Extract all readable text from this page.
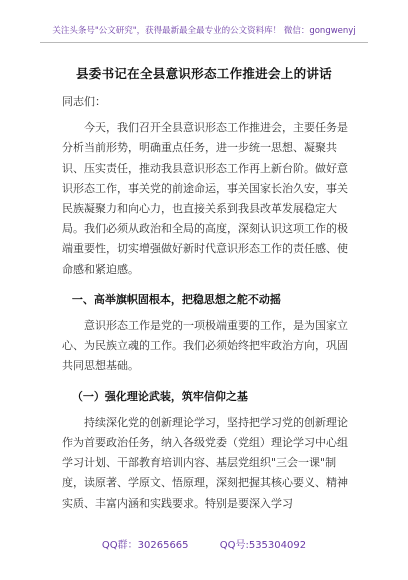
关注头条号"公文研究"，获得最新最全最专业的公文资料库！ 微信：gongwenyj
县委书记在全县意识形态工作推进会上的讲话

同志们：

今天，我们召开全县意识形态工作推进会，主要任务是分析当前形势，明确重点任务，进一步统一思想、凝聚共识、压实责任，推动我县意识形态工作再上新台阶。做好意识形态工作，事关党的前途命运，事关国家长治久安，事关民族凝聚力和向心力，也直接关系到我县改革发展稳定大局。我们必须从政治和全局的高度，深刻认识这项工作的极端重要性，切实增强做好新时代意识形态工作的责任感、使命感和紧迫感。

一、高举旗帜固根本，把稳思想之舵不动摇

意识形态工作是党的一项极端重要的工作，是为国家立心、为民族立魂的工作。我们必须始终把牢政治方向，巩固共同思想基础。

（一）强化理论武装，筑牢信仰之基

持续深化党的创新理论学习，坚持把学习党的创新理论作为首要政治任务，纳入各级党委（党组）理论学习中心组学习计划、干部教育培训内容、基层党组织"三会一课"制度，读原著、学原文、悟原理，深刻把握其核心要义、精神实质、丰富内涵和实践要求。特别是要深入学习

QQ群：30265665	QQ号:535304092
